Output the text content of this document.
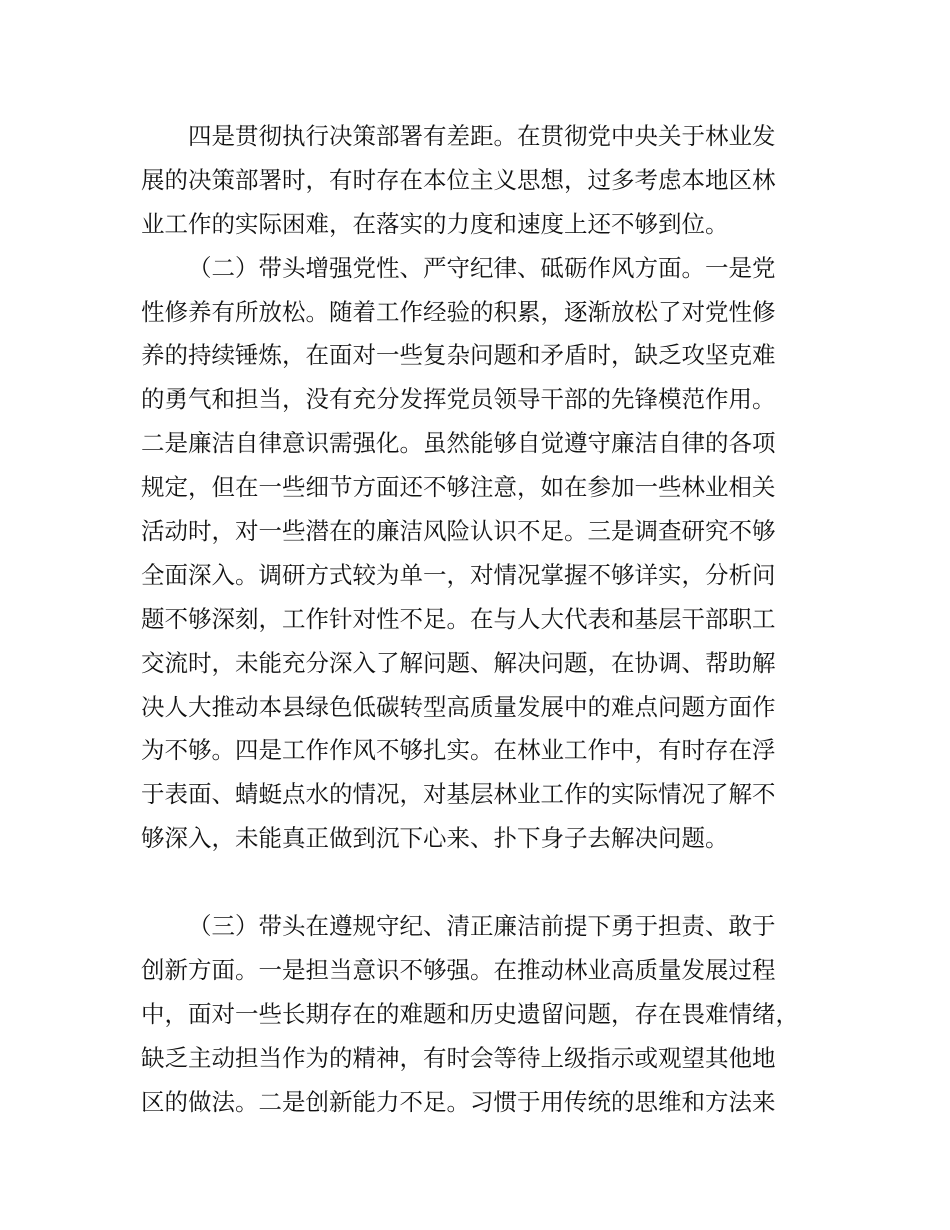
四是贯彻执行决策部署有差距。在贯彻党中央关于林业发
展的决策部署时，有时存在本位主义思想，过多考虑本地区林
业工作的实际困难，在落实的力度和速度上还不够到位。

（二）带头增强党性、严守纪律、砥砺作风方面。一是党
性修养有所放松。随着工作经验的积累，逐渐放松了对党性修
养的持续锤炼，在面对一些复杂问题和矛盾时，缺乏攻坚克难
的勇气和担当，没有充分发挥党员领导干部的先锋模范作用。
二是廉洁自律意识需强化。虽然能够自觉遵守廉洁自律的各项
规定，但在一些细节方面还不够注意，如在参加一些林业相关
活动时，对一些潜在的廉洁风险认识不足。三是调查研究不够
全面深入。调研方式较为单一，对情况掌握不够详实，分析问
题不够深刻，工作针对性不足。在与人大代表和基层干部职工
交流时，未能充分深入了解问题、解决问题，在协调、帮助解
决人大推动本县绿色低碳转型高质量发展中的难点问题方面作
为不够。四是工作作风不够扎实。在林业工作中，有时存在浮
于表面、蜻蜓点水的情况，对基层林业工作的实际情况了解不
够深入，未能真正做到沉下心来、扑下身子去解决问题。

（三）带头在遵规守纪、清正廉洁前提下勇于担责、敢于
创新方面。一是担当意识不够强。在推动林业高质量发展过程
中，面对一些长期存在的难题和历史遗留问题，存在畏难情绪，
缺乏主动担当作为的精神，有时会等待上级指示或观望其他地
区的做法。二是创新能力不足。习惯于用传统的思维和方法来
